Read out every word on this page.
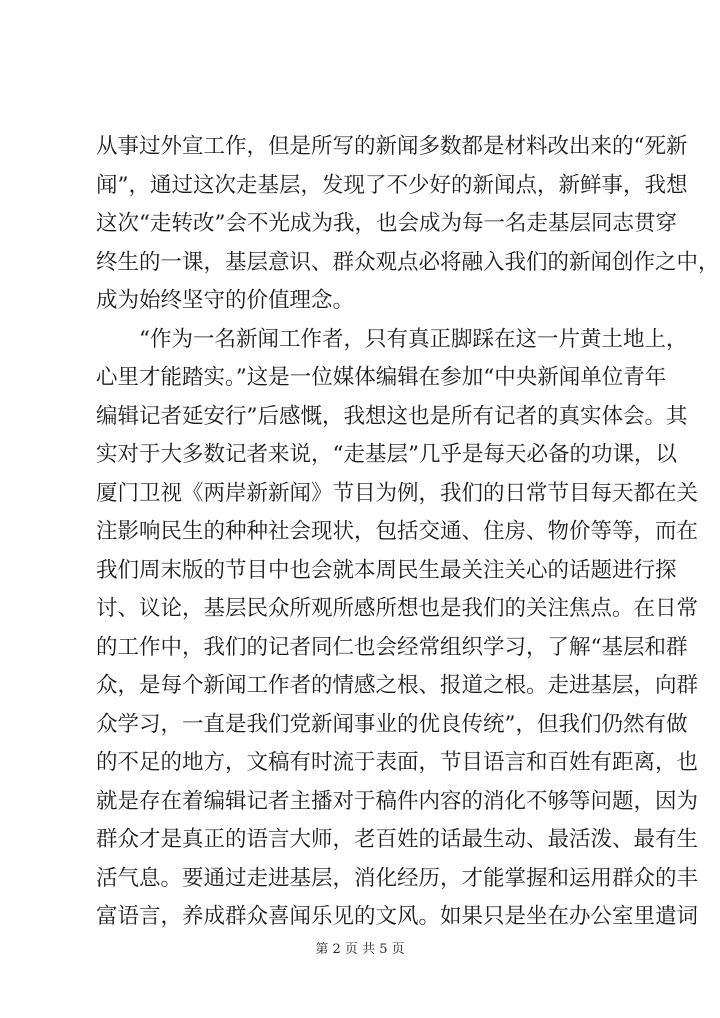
从事过外宣工作，但是所写的新闻多数都是材料改出来的“死新
闻”，通过这次走基层，发现了不少好的新闻点，新鲜事，我想
这次“走转改”会不光成为我，也会成为每一名走基层同志贯穿
终生的一课，基层意识、群众观点必将融入我们的新闻创作之中，
成为始终坚守的价值理念。
“作为一名新闻工作者，只有真正脚踩在这一片黄土地上，
心里才能踏实。”这是一位媒体编辑在参加“中央新闻单位青年
编辑记者延安行”后感慨，我想这也是所有记者的真实体会。其
实对于大多数记者来说，“走基层”几乎是每天必备的功课，以
厦门卫视《两岸新新闻》节目为例，我们的日常节目每天都在关
注影响民生的种种社会现状，包括交通、住房、物价等等，而在
我们周末版的节目中也会就本周民生最关注关心的话题进行探
讨、议论，基层民众所观所感所想也是我们的关注焦点。在日常
的工作中，我们的记者同仁也会经常组织学习，了解“基层和群
众，是每个新闻工作者的情感之根、报道之根。走进基层，向群
众学习，一直是我们党新闻事业的优良传统”，但我们仍然有做
的不足的地方，文稿有时流于表面，节目语言和百姓有距离，也
就是存在着编辑记者主播对于稿件内容的消化不够等问题，因为
群众才是真正的语言大师，老百姓的话最生动、最活泼、最有生
活气息。要通过走进基层，消化经历，才能掌握和运用群众的丰
富语言，养成群众喜闻乐见的文风。如果只是坐在办公室里遣词
第 2 页 共 5 页
